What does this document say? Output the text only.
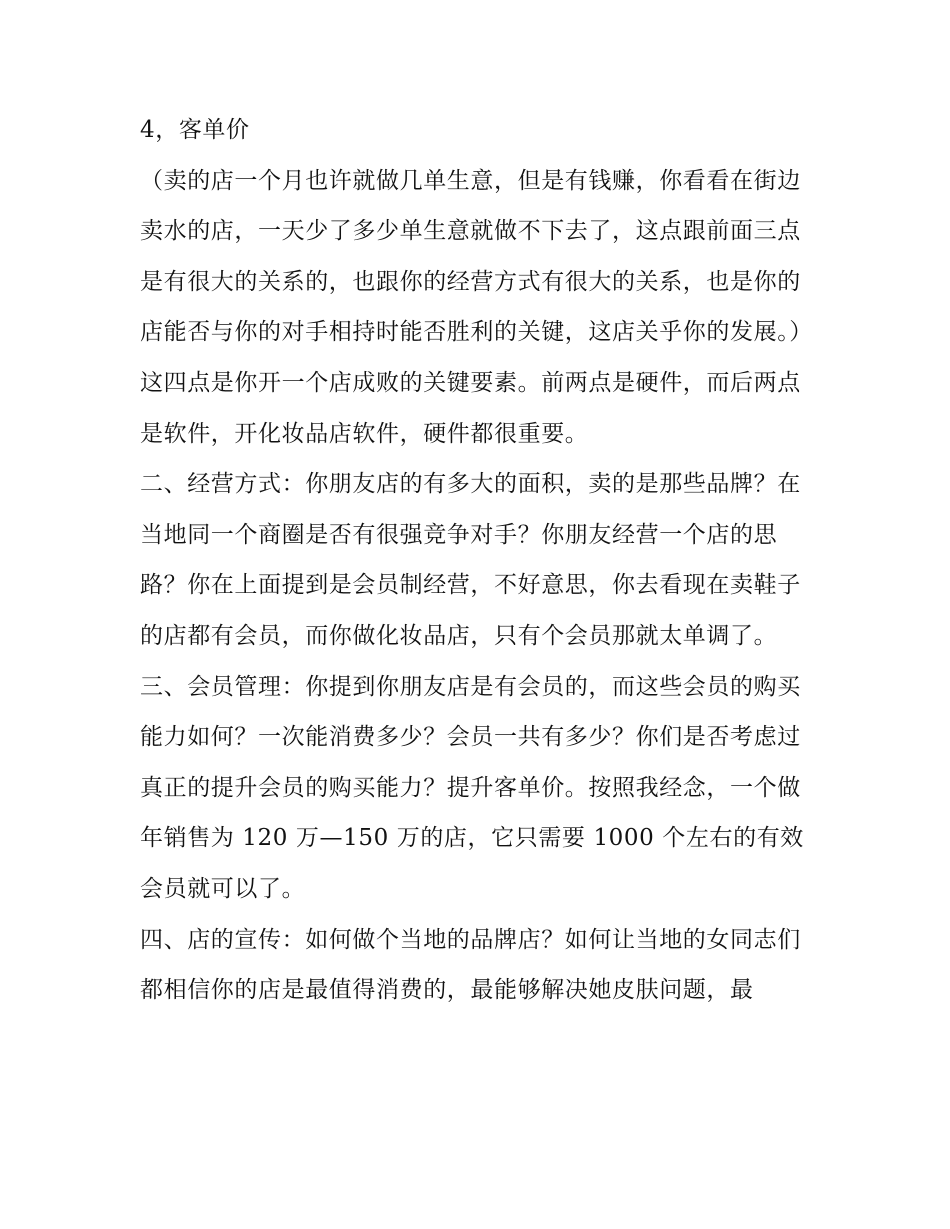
4，客单价

（卖的店一个月也许就做几单生意，但是有钱赚，你看看在街边卖水的店，一天少了多少单生意就做不下去了，这点跟前面三点是有很大的关系的，也跟你的经营方式有很大的关系，也是你的店能否与你的对手相持时能否胜利的关键，这店关乎你的发展。）

这四点是你开一个店成败的关键要素。前两点是硬件，而后两点是软件，开化妆品店软件，硬件都很重要。

二、经营方式：你朋友店的有多大的面积，卖的是那些品牌？在当地同一个商圈是否有很强竞争对手？你朋友经营一个店的思路？你在上面提到是会员制经营，不好意思，你去看现在卖鞋子的店都有会员，而你做化妆品店，只有个会员那就太单调了。

三、会员管理：你提到你朋友店是有会员的，而这些会员的购买能力如何？一次能消费多少？会员一共有多少？你们是否考虑过真正的提升会员的购买能力？提升客单价。按照我经念，一个做年销售为 120 万—150 万的店，它只需要 1000 个左右的有效会员就可以了。

四、店的宣传：如何做个当地的品牌店？如何让当地的女同志们都相信你的店是最值得消费的，最能够解决她皮肤问题，最
